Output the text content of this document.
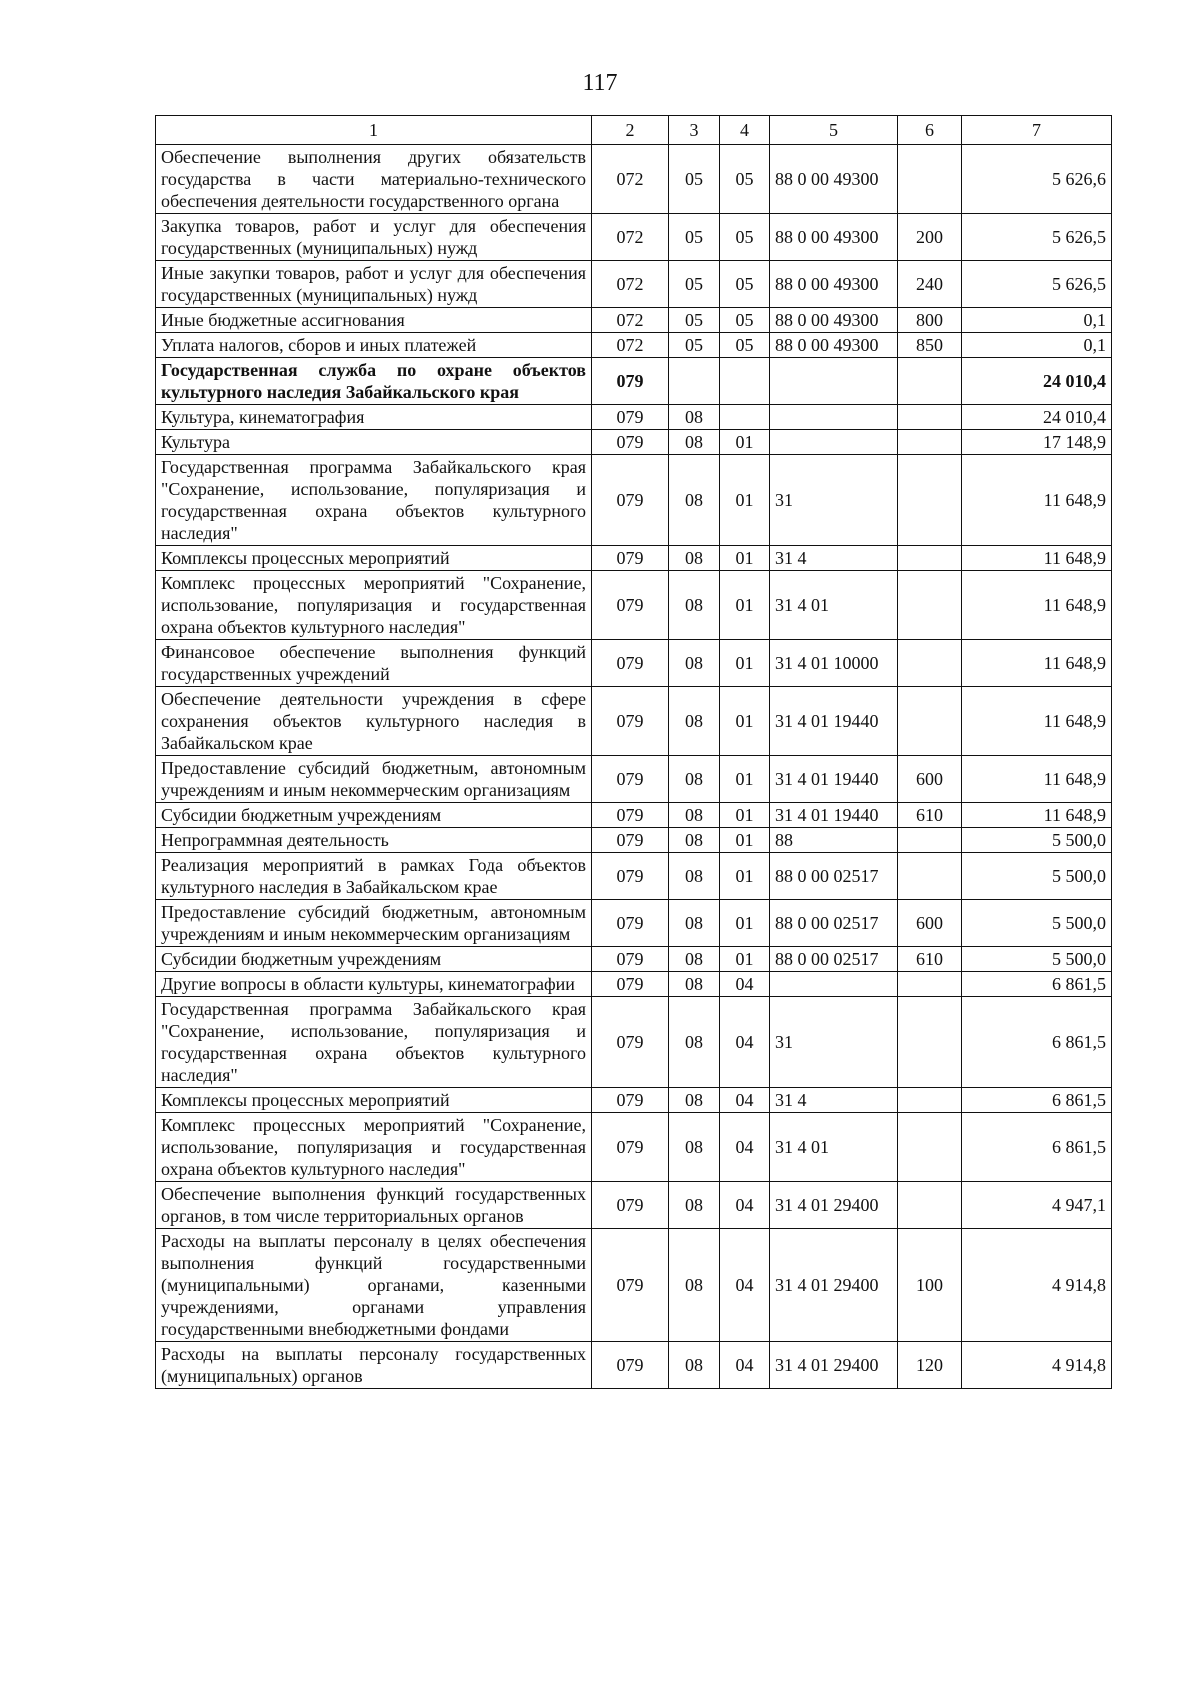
117
1	2	3	4	5	6	7
Обеспечение выполнения других обязательств государства в части материально-технического обеспечения деятельности государственного органа	072	05	05	88 0 00 49300		5 626,6
Закупка товаров, работ и услуг для обеспечения государственных (муниципальных) нужд	072	05	05	88 0 00 49300	200	5 626,5
Иные закупки товаров, работ и услуг для обеспечения государственных (муниципальных) нужд	072	05	05	88 0 00 49300	240	5 626,5
Иные бюджетные ассигнования	072	05	05	88 0 00 49300	800	0,1
Уплата налогов, сборов и иных платежей	072	05	05	88 0 00 49300	850	0,1
Государственная служба по охране объектов культурного наследия Забайкальского края	079					24 010,4
Культура, кинематография	079	08				24 010,4
Культура	079	08	01			17 148,9
Государственная программа Забайкальского края "Сохранение, использование, популяризация и государственная охрана объектов культурного наследия"	079	08	01	31		11 648,9
Комплексы процессных мероприятий	079	08	01	31 4		11 648,9
Комплекс процессных мероприятий "Сохранение, использование, популяризация и государственная охрана объектов культурного наследия"	079	08	01	31 4 01		11 648,9
Финансовое обеспечение выполнения функций государственных учреждений	079	08	01	31 4 01 10000		11 648,9
Обеспечение деятельности учреждения в сфере сохранения объектов культурного наследия в Забайкальском крае	079	08	01	31 4 01 19440		11 648,9
Предоставление субсидий бюджетным, автономным учреждениям и иным некоммерческим организациям	079	08	01	31 4 01 19440	600	11 648,9
Субсидии бюджетным учреждениям	079	08	01	31 4 01 19440	610	11 648,9
Непрограммная деятельность	079	08	01	88		5 500,0
Реализация мероприятий в рамках Года объектов культурного наследия в Забайкальском крае	079	08	01	88 0 00 02517		5 500,0
Предоставление субсидий бюджетным, автономным учреждениям и иным некоммерческим организациям	079	08	01	88 0 00 02517	600	5 500,0
Субсидии бюджетным учреждениям	079	08	01	88 0 00 02517	610	5 500,0
Другие вопросы в области культуры, кинематографии	079	08	04			6 861,5
Государственная программа Забайкальского края "Сохранение, использование, популяризация и государственная охрана объектов культурного наследия"	079	08	04	31		6 861,5
Комплексы процессных мероприятий	079	08	04	31 4		6 861,5
Комплекс процессных мероприятий "Сохранение, использование, популяризация и государственная охрана объектов культурного наследия"	079	08	04	31 4 01		6 861,5
Обеспечение выполнения функций государственных органов, в том числе территориальных органов	079	08	04	31 4 01 29400		4 947,1
Расходы на выплаты персоналу в целях обеспечения выполнения функций государственными (муниципальными) органами, казенными учреждениями, органами управления государственными внебюджетными фондами	079	08	04	31 4 01 29400	100	4 914,8
Расходы на выплаты персоналу государственных (муниципальных) органов	079	08	04	31 4 01 29400	120	4 914,8
